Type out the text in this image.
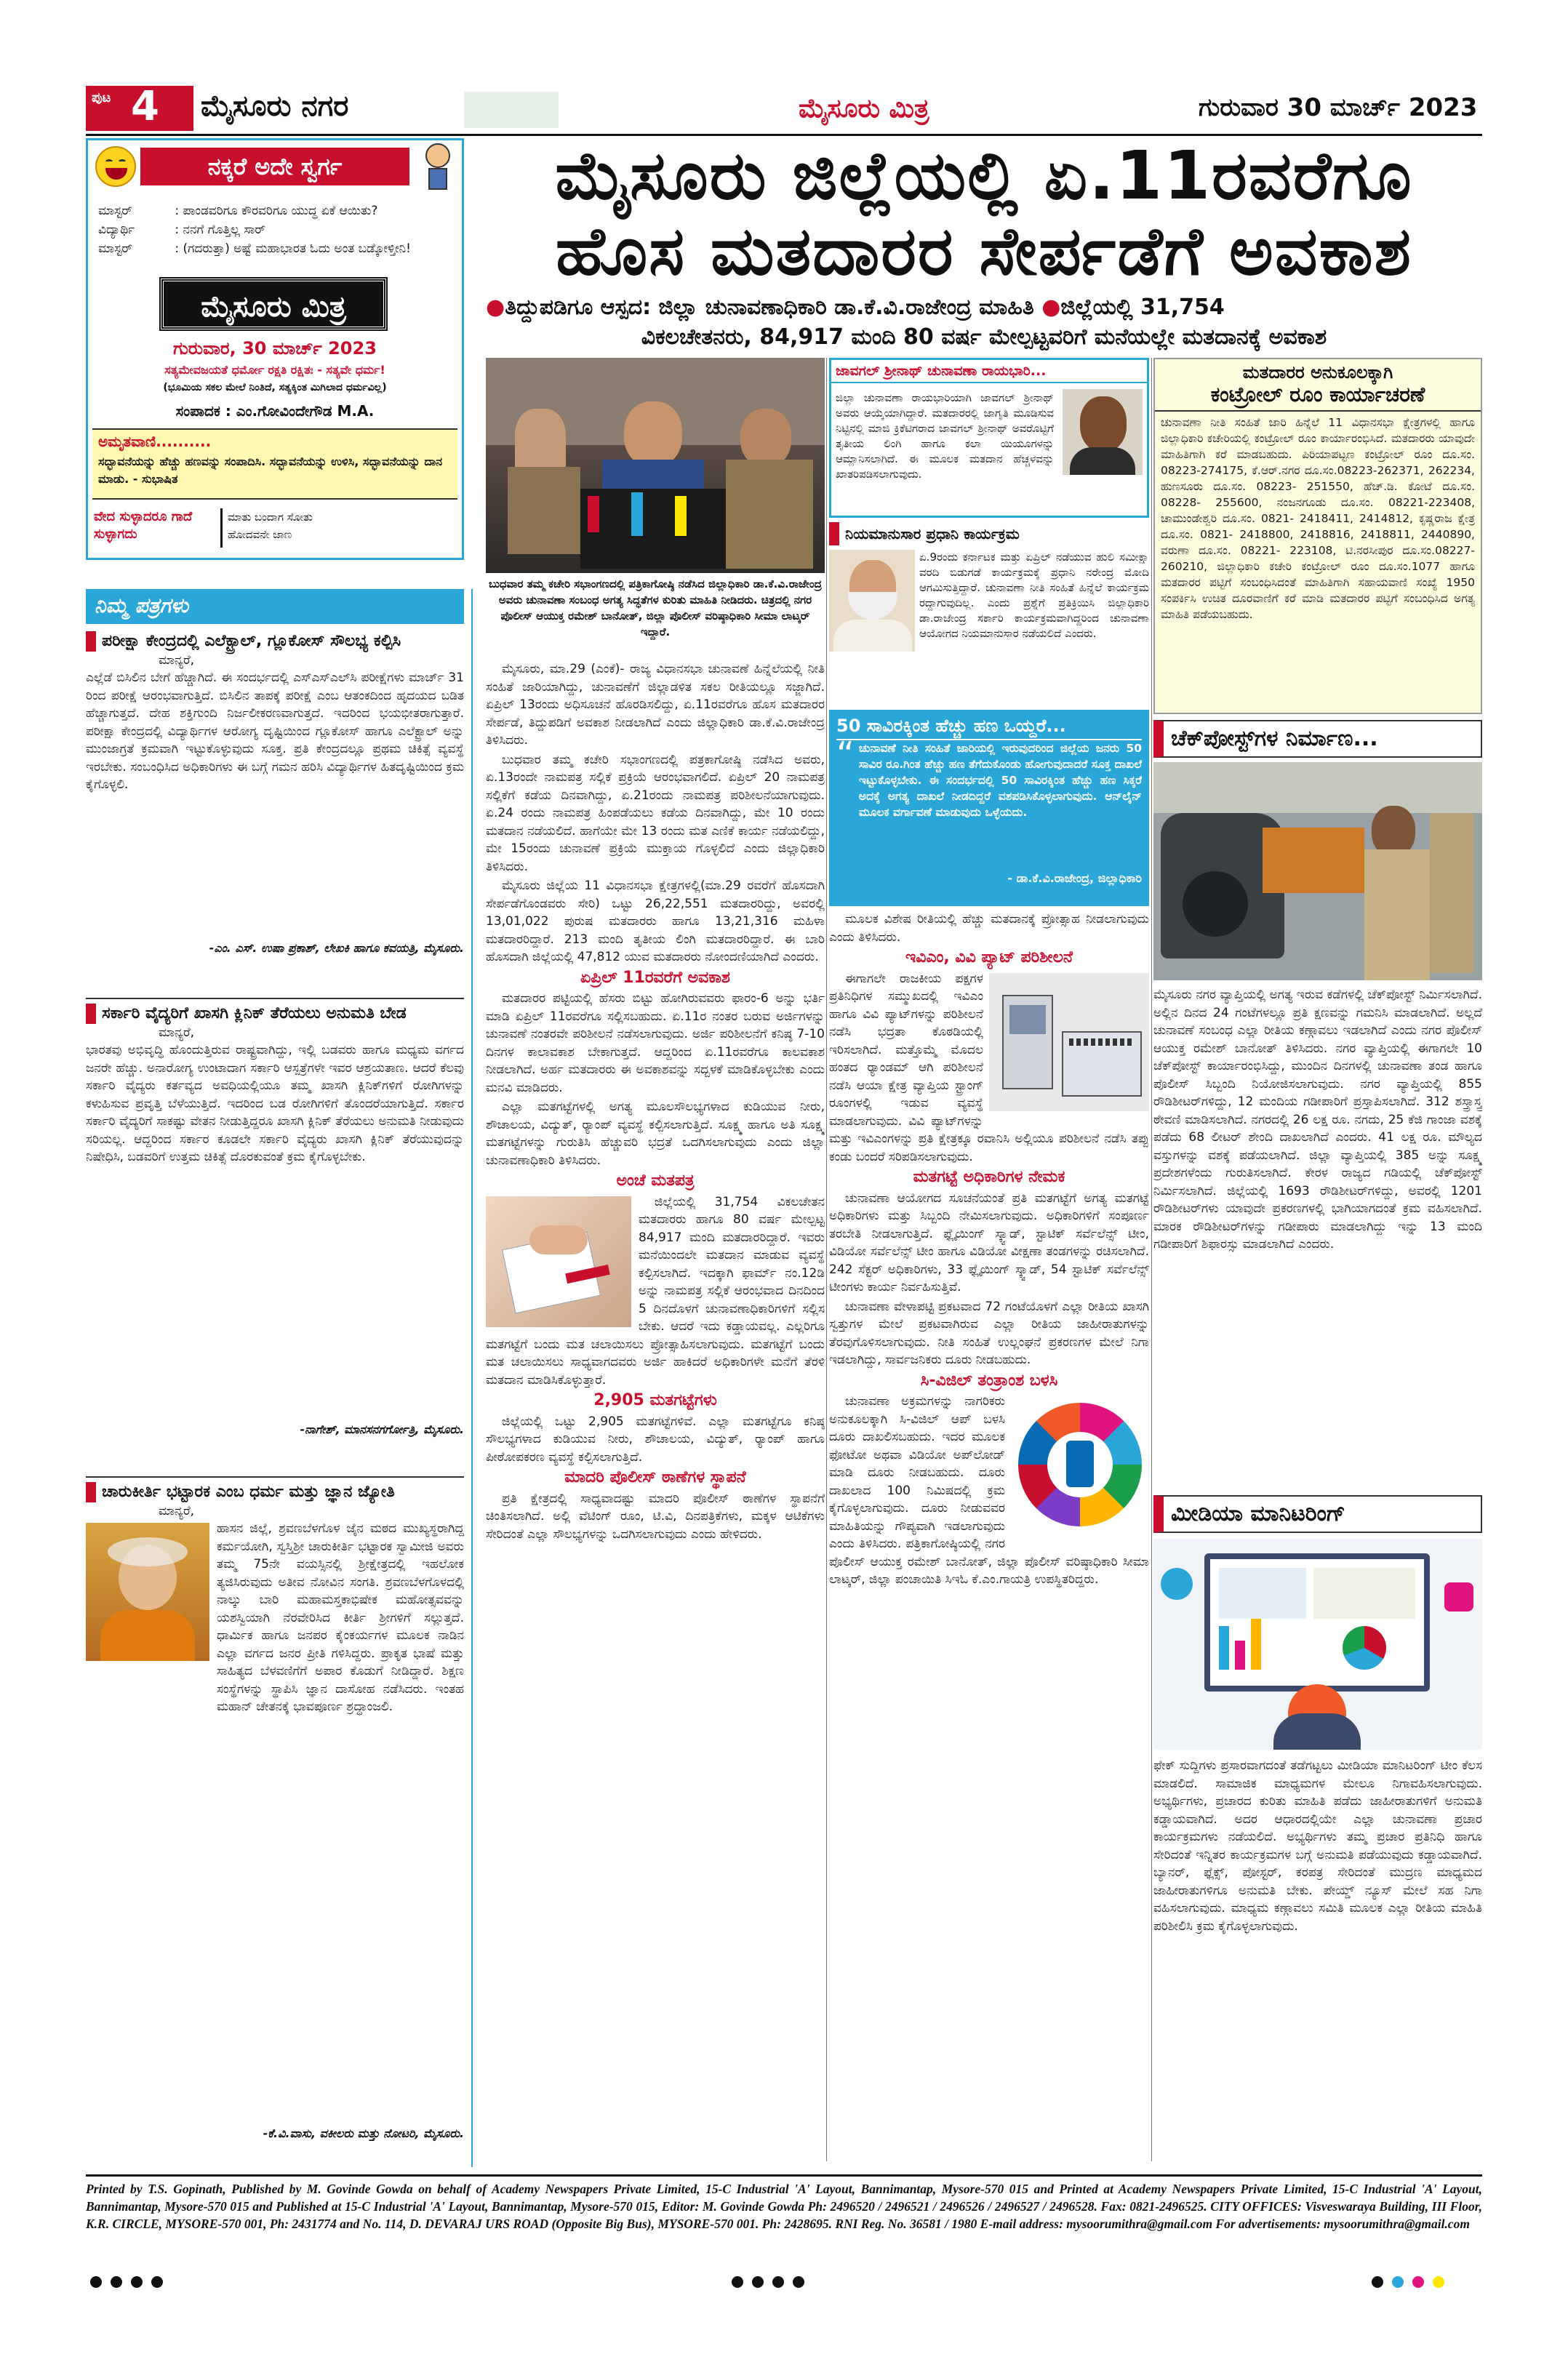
ಪುಟ 4 ಮೈಸೂರು ನಗರ	ಮೈಸೂರು ಮಿತ್ರ	ಗುರುವಾರ 30 ಮಾರ್ಚ್ 2023
ನಕ್ಕರೆ ಅದೇ ಸ್ವರ್ಗ
ಮಾಸ್ಟರ್	: ಪಾಂಡವರಿಗೂ ಕೌರವರಿಗೂ ಯುದ್ಧ ಏಕೆ ಆಯಿತು?
ವಿದ್ಯಾರ್ಥಿ	: ನನಗೆ ಗೊತ್ತಿಲ್ಲ ಸಾರ್
ಮಾಸ್ಟರ್	: (ಗದರುತ್ತಾ) ಅಷ್ಟೆ ಮಹಾಭಾರತ ಓದು ಅಂತ ಬಡ್ಕೋಳ್ತೀನಿ!
ಮೈಸೂರು ಮಿತ್ರ
ಗುರುವಾರ, 30 ಮಾರ್ಚ್ 2023
ಸತ್ಯಮೇವಜಯತೆ ಧರ್ಮೋ ರಕ್ಷತಿ ರಕ್ಷಿತಃ - ಸತ್ಯವೇ ಧರ್ಮ!
(ಭೂಮಿಯ ಸಕಲ ಮೇಲೆ ನಿಂತಿದೆ, ಸತ್ಯಕ್ಕಿಂತ ಮಿಗಿಲಾದ ಧರ್ಮವಿಲ್ಲ)
ಸಂಪಾದಕ : ಎಂ.ಗೋವಿಂದೇಗೌಡ M.A.
ಅಮೃತವಾಣಿ..........
ಸದ್ಭಾವನೆಯನ್ನು ಹೆಚ್ಚು ಹಣವನ್ನು ಸಂಪಾದಿಸಿ. ಸದ್ಭಾವನೆಯನ್ನು ಉಳಿಸಿ, ಸದ್ಭಾವನೆಯನ್ನು ದಾನ ಮಾಡು. - ಸುಭಾಷಿತ
ವೇದ ಸುಳ್ಳಾದರೂ ಗಾದೆ ಸುಳ್ಳಾಗದು
ಮಾತು ಬಂದಾಗ ಸೋತು ಹೋದವನೇ ಜಾಣ
ನಿಮ್ಮ ಪತ್ರಗಳು
ಪರೀಕ್ಷಾ ಕೇಂದ್ರದಲ್ಲಿ ಎಲೆಕ್ಟ್ರಾಲ್, ಗ್ಲೂಕೋಸ್ ಸೌಲಭ್ಯ ಕಲ್ಪಿಸಿ
ಮಾನ್ಯರೆ,
ಎಲ್ಲೆಡೆ ಬಿಸಿಲಿನ ಬೇಗೆ ಹೆಚ್ಚಾಗಿದೆ. ಈ ಸಂದರ್ಭದಲ್ಲಿ ಎಸ್ಎಸ್ಎಲ್‌ಸಿ ಪರೀಕ್ಷೆಗಳು ಮಾರ್ಚ್ 31 ರಿಂದ ಪರೀಕ್ಷೆ ಆರಂಭವಾಗುತ್ತಿದೆ. ಬಿಸಿಲಿನ ತಾಪಕ್ಕೆ ಪರೀಕ್ಷೆ ಎಂಬ ಆತಂಕದಿಂದ ಹೃದಯದ ಬಡಿತ ಹೆಚ್ಚಾಗುತ್ತದೆ. ದೇಹ ಶಕ್ತಿಗುಂದಿ ನಿರ್ಜಲೀಕರಣವಾಗುತ್ತದೆ. ಇದರಿಂದ ಭಯಭೀತರಾಗುತ್ತಾರೆ. ಪರೀಕ್ಷಾ ಕೇಂದ್ರದಲ್ಲಿ ವಿದ್ಯಾರ್ಥಿಗಳ ಆರೋಗ್ಯ ದೃಷ್ಟಿಯಿಂದ ಗ್ಲೂಕೋಸ್ ಹಾಗೂ ಎಲೆಕ್ಟ್ರಾಲ್ ಅನ್ನು ಮುಂಜಾಗ್ರತೆ ಕ್ರಮವಾಗಿ ಇಟ್ಟುಕೊಳ್ಳುವುದು ಸೂಕ್ತ. ಪ್ರತಿ ಕೇಂದ್ರದಲ್ಲೂ ಪ್ರಥಮ ಚಿಕಿತ್ಸೆ ವ್ಯವಸ್ಥೆ ಇರಬೇಕು. ಸಂಬಂಧಿಸಿದ ಅಧಿಕಾರಿಗಳು ಈ ಬಗ್ಗೆ ಗಮನ ಹರಿಸಿ ವಿದ್ಯಾರ್ಥಿಗಳ ಹಿತದೃಷ್ಟಿಯಿಂದ ಕ್ರಮ ಕೈಗೊಳ್ಳಲಿ.
-ಎಂ. ಎಸ್. ಉಷಾ ಪ್ರಕಾಶ್, ಲೇಖಕಿ ಹಾಗೂ ಕವಯತ್ರಿ, ಮೈಸೂರು.
ಸರ್ಕಾರಿ ವೈದ್ಯರಿಗೆ ಖಾಸಗಿ ಕ್ಲಿನಿಕ್ ತೆರೆಯಲು ಅನುಮತಿ ಬೇಡ
ಮಾನ್ಯರೆ,
ಭಾರತವು ಅಭಿವೃದ್ಧಿ ಹೊಂದುತ್ತಿರುವ ರಾಷ್ಟ್ರವಾಗಿದ್ದು, ಇಲ್ಲಿ ಬಡವರು ಹಾಗೂ ಮಧ್ಯಮ ವರ್ಗದ ಜನರೇ ಹೆಚ್ಚು. ಅನಾರೋಗ್ಯ ಉಂಟಾದಾಗ ಸರ್ಕಾರಿ ಆಸ್ಪತ್ರೆಗಳೇ ಇವರ ಆಶ್ರಯತಾಣ. ಆದರೆ ಕೆಲವು ಸರ್ಕಾರಿ ವೈದ್ಯರು ಕರ್ತವ್ಯದ ಅವಧಿಯಲ್ಲಿಯೂ ತಮ್ಮ ಖಾಸಗಿ ಕ್ಲಿನಿಕ್‌ಗಳಿಗೆ ರೋಗಿಗಳನ್ನು ಕಳುಹಿಸುವ ಪ್ರವೃತ್ತಿ ಬೆಳೆಯುತ್ತಿದೆ. ಇದರಿಂದ ಬಡ ರೋಗಿಗಳಿಗೆ ತೊಂದರೆಯಾಗುತ್ತಿದೆ. ಸರ್ಕಾರ ಸರ್ಕಾರಿ ವೈದ್ಯರಿಗೆ ಸಾಕಷ್ಟು ವೇತನ ನೀಡುತ್ತಿದ್ದರೂ ಖಾಸಗಿ ಕ್ಲಿನಿಕ್ ತೆರೆಯಲು ಅನುಮತಿ ನೀಡುವುದು ಸರಿಯಲ್ಲ. ಆದ್ದರಿಂದ ಸರ್ಕಾರ ಕೂಡಲೇ ಸರ್ಕಾರಿ ವೈದ್ಯರು ಖಾಸಗಿ ಕ್ಲಿನಿಕ್ ತೆರೆಯುವುದನ್ನು ನಿಷೇಧಿಸಿ, ಬಡವರಿಗೆ ಉತ್ತಮ ಚಿಕಿತ್ಸೆ ದೊರಕುವಂತೆ ಕ್ರಮ ಕೈಗೊಳ್ಳಬೇಕು.
-ನಾಗೇಶ್, ಮಾನಸನಗರ್ಗೋತ್ರಿ, ಮೈಸೂರು.
ಚಾರುಕೀರ್ತಿ ಭಟ್ಟಾರಕ ಎಂಬ ಧರ್ಮ ಮತ್ತು ಜ್ಞಾನ ಜ್ಯೋತಿ
ಮಾನ್ಯರೆ,
ಹಾಸನ ಜಿಲ್ಲೆ, ಶ್ರವಣಬೆಳಗೊಳ ಜೈನ ಮಠದ ಮುಖ್ಯಸ್ಥರಾಗಿದ್ದ ಕರ್ಮಯೋಗಿ, ಸ್ವಸ್ತಿಶ್ರೀ ಚಾರುಕೀರ್ತಿ ಭಟ್ಟಾರಕ ಸ್ವಾಮೀಜಿ ಅವರು ತಮ್ಮ 75ನೇ ವಯಸ್ಸಿನಲ್ಲಿ ಶ್ರೀಕ್ಷೇತ್ರದಲ್ಲಿ ಇಹಲೋಕ ತ್ಯಜಿಸಿರುವುದು ಅತೀವ ನೋವಿನ ಸಂಗತಿ. ಶ್ರವಣಬೆಳಗೊಳದಲ್ಲಿ ನಾಲ್ಕು ಬಾರಿ ಮಹಾಮಸ್ತಕಾಭಿಷೇಕ ಮಹೋತ್ಸವವನ್ನು ಯಶಸ್ವಿಯಾಗಿ ನೆರವೇರಿಸಿದ ಕೀರ್ತಿ ಶ್ರೀಗಳಿಗೆ ಸಲ್ಲುತ್ತದೆ. ಧಾರ್ಮಿಕ ಹಾಗೂ ಜನಪರ ಕೈಂಕರ್ಯಗಳ ಮೂಲಕ ನಾಡಿನ ಎಲ್ಲಾ ವರ್ಗದ ಜನರ ಪ್ರೀತಿ ಗಳಿಸಿದ್ದರು. ಪ್ರಾಕೃತ ಭಾಷೆ ಮತ್ತು ಸಾಹಿತ್ಯದ ಬೆಳವಣಿಗೆಗೆ ಅಪಾರ ಕೊಡುಗೆ ನೀಡಿದ್ದಾರೆ. ಶಿಕ್ಷಣ ಸಂಸ್ಥೆಗಳನ್ನು ಸ್ಥಾಪಿಸಿ ಜ್ಞಾನ ದಾಸೋಹ ನಡೆಸಿದರು. ಇಂತಹ ಮಹಾನ್ ಚೇತನಕ್ಕೆ ಭಾವಪೂರ್ಣ ಶ್ರದ್ಧಾಂಜಲಿ.
-ಕೆ.ವಿ.ವಾಸು, ವಕೀಲರು ಮತ್ತು ನೋಟರಿ, ಮೈಸೂರು.
ಮೈಸೂರು ಜಿಲ್ಲೆಯಲ್ಲಿ ಏ.11ರವರೆಗೂ
ಹೊಸ ಮತದಾರರ ಸೇರ್ಪಡೆಗೆ ಅವಕಾಶ
●ತಿದ್ದುಪಡಿಗೂ ಆಸ್ಪದ: ಜಿಲ್ಲಾ ಚುನಾವಣಾಧಿಕಾರಿ ಡಾ.ಕೆ.ವಿ.ರಾಜೇಂದ್ರ ಮಾಹಿತಿ ●ಜಿಲ್ಲೆಯಲ್ಲಿ 31,754
ವಿಕಲಚೇತನರು, 84,917 ಮಂದಿ 80 ವರ್ಷ ಮೇಲ್ಪಟ್ಟವರಿಗೆ ಮನೆಯಲ್ಲೇ ಮತದಾನಕ್ಕೆ ಅವಕಾಶ
ಬುಧವಾರ ತಮ್ಮ ಕಚೇರಿ ಸಭಾಂಗಣದಲ್ಲಿ ಪತ್ರಿಕಾಗೋಷ್ಠಿ ನಡೆಸಿದ ಜಿಲ್ಲಾಧಿಕಾರಿ ಡಾ.ಕೆ.ವಿ.ರಾಜೇಂದ್ರ ಅವರು ಚುನಾವಣಾ ಸಂಬಂಧ ಅಗತ್ಯ ಸಿದ್ಧತೆಗಳ ಕುರಿತು ಮಾಹಿತಿ ನೀಡಿದರು. ಚಿತ್ರದಲ್ಲಿ ನಗರ ಪೊಲೀಸ್ ಆಯುಕ್ತ ರಮೇಶ್ ಬಾನೋತ್, ಜಿಲ್ಲಾ ಪೊಲೀಸ್ ವರಿಷ್ಠಾಧಿಕಾರಿ ಸೀಮಾ ಲಾಟ್ಕರ್ ಇದ್ದಾರೆ.
ಜಾವಗಲ್ ಶ್ರೀನಾಥ್ ಚುನಾವಣಾ ರಾಯಭಾರಿ...
ಜಿಲ್ಲಾ ಚುನಾವಣಾ ರಾಯಭಾರಿಯಾಗಿ ಜಾವಗಲ್ ಶ್ರೀನಾಥ್ ಅವರು ಆಯ್ಕೆಯಾಗಿದ್ದಾರೆ. ಮತದಾರರಲ್ಲಿ ಜಾಗೃತಿ ಮೂಡಿಸುವ ನಿಟ್ಟಿನಲ್ಲಿ ಮಾಜಿ ಕ್ರಿಕೆಟಿಗರಾದ ಜಾವಗಲ್ ಶ್ರೀನಾಥ್ ಅವರೊಟ್ಟಿಗೆ ತೃತೀಯ ಲಿಂಗಿ ಹಾಗೂ ಕಲಾ ಯಿಯೂಗಳನ್ನು ಆಮ್ಲಾನಿಸಲಾಗಿದೆ. ಈ ಮೂಲಕ ಮತದಾನ ಹೆಚ್ಚಳವನ್ನು ಖಾತರಿಪಡಿಸಲಾಗುವುದು.
ನಿಯಮಾನುಸಾರ ಪ್ರಧಾನಿ ಕಾರ್ಯಕ್ರಮ
ಏ.9ರಂದು ಕರ್ನಾಟಕ ಮತ್ತು ಏಪ್ರಿಲ್ ನಡೆಯುವ ಹುಲಿ ಸಮೀಕ್ಷಾ ವರದಿ ಬಿಡುಗಡೆ ಕಾರ್ಯಕ್ರಮಕ್ಕೆ ಪ್ರಧಾನಿ ನರೇಂದ್ರ ಮೋದಿ ಆಗಮಿಸುತ್ತಿದ್ದಾರೆ. ಚುನಾವಣಾ ನೀತಿ ಸಂಹಿತೆ ಹಿನ್ನೆಲೆ ಕಾರ್ಯಕ್ರಮ ರದ್ದಾಗುವುದಿಲ್ಲ. ಎಂದು ಪ್ರಶ್ನೆಗೆ ಪ್ರತಿಕ್ರಿಯಿಸಿ ಜಿಲ್ಲಾಧಿಕಾರಿ ಡಾ.ರಾಜೇಂದ್ರ ಸರ್ಕಾರಿ ಕಾರ್ಯಕ್ರಮವಾಗಿದ್ದರಿಂದ ಚುನಾವಣಾ ಆಯೋಗದ ನಿಯಮಾನುಸಾರ ನಡೆಯಲಿದೆ ಎಂದರು.
ಮತದಾರರ ಅನುಕೂಲಕ್ಕಾಗಿ
ಕಂಟ್ರೋಲ್ ರೂಂ ಕಾರ್ಯಾಚರಣೆ
ಚುನಾವಣಾ ನೀತಿ ಸಂಹಿತೆ ಜಾರಿ ಹಿನ್ನೆಲೆ 11 ವಿಧಾನಸಭಾ ಕ್ಷೇತ್ರಗಳಲ್ಲಿ ಹಾಗೂ ಜಿಲ್ಲಾಧಿಕಾರಿ ಕಚೇರಿಯಲ್ಲಿ ಕಂಟ್ರೋಲ್ ರೂಂ ಕಾರ್ಯಾರಂಭಿಸಿದೆ. ಮತದಾರರು ಯಾವುದೇ ಮಾಹಿತಿಗಾಗಿ ಕರೆ ಮಾಡಬಹುದು. ಪಿರಿಯಾಪಟ್ಟಣ ಕಂಟ್ರೋಲ್ ರೂಂ ದೂ.ಸಂ. 08223-274175, ಕೆ.ಆರ್.ನಗರ ದೂ.ಸಂ.08223-262371, 262234, ಹುಣಸೂರು ದೂ.ಸಂ. 08223- 251550, ಹೆಚ್.ಡಿ. ಕೋಟೆ ದೂ.ಸಂ. 08228- 255600, ನಂಜನಗೂಡು ದೂ.ಸಂ. 08221-223408, ಚಾಮುಂಡೇಶ್ವರಿ ದೂ.ಸಂ. 0821- 2418411, 2414812, ಕೃಷ್ಣರಾಜ ಕ್ಷೇತ್ರ ದೂ.ಸಂ. 0821- 2418800, 2418816, 2418811, 2440890, ವರುಣಾ ದೂ.ಸಂ. 08221- 223108, ಟಿ.ನರಸೀಪುರ ದೂ.ಸಂ.08227- 260210, ಜಿಲ್ಲಾಧಿಕಾರಿ ಕಚೇರಿ ಕಂಟ್ರೋಲ್ ರೂಂ ದೂ.ಸಂ.1077 ಹಾಗೂ ಮತದಾರರ ಪಟ್ಟಿಗೆ ಸಂಬಂಧಿಸಿದಂತೆ ಮಾಹಿತಿಗಾಗಿ ಸಹಾಯವಾಣಿ ಸಂಖ್ಯೆ 1950 ಸಂಪರ್ಕಿಸಿ ಉಚಿತ ದೂರವಾಣಿಗೆ ಕರೆ ಮಾಡಿ ಮತದಾರರ ಪಟ್ಟಿಗೆ ಸಂಬಂಧಿಸಿದ ಅಗತ್ಯ ಮಾಹಿತಿ ಪಡೆಯಬಹುದು.

ಮೈಸೂರು, ಮಾ.29 (ಎಂಕೆ)- ರಾಜ್ಯ ವಿಧಾನಸಭಾ ಚುನಾವಣೆ ಹಿನ್ನೆಲೆಯಲ್ಲಿ ನೀತಿ ಸಂಹಿತೆ ಜಾರಿಯಾಗಿದ್ದು, ಚುನಾವಣೆಗೆ ಜಿಲ್ಲಾಡಳಿತ ಸಕಲ ರೀತಿಯಲ್ಲೂ ಸಜ್ಜಾಗಿದೆ. ಏಪ್ರಿಲ್ 13ರಂದು ಅಧಿಸೂಚನೆ ಹೊರಡಿಸಲಿದ್ದು, ಏ.11ರವರೆಗೂ ಹೊಸ ಮತದಾರರ ಸೇರ್ಪಡೆ, ತಿದ್ದುಪಡಿಗೆ ಅವಕಾಶ ನೀಡಲಾಗಿದೆ ಎಂದು ಜಿಲ್ಲಾಧಿಕಾರಿ ಡಾ.ಕೆ.ವಿ.ರಾಜೇಂದ್ರ ತಿಳಿಸಿದರು.

ಬುಧವಾರ ತಮ್ಮ ಕಚೇರಿ ಸಭಾಂಗಣದಲ್ಲಿ ಪತ್ರಕಾಗೋಷ್ಠಿ ನಡೆಸಿದ ಅವರು, ಏ.13ರಂದೇ ನಾಮಪತ್ರ ಸಲ್ಲಿಕೆ ಪ್ರಕ್ರಿಯೆ ಆರಂಭವಾಗಲಿದೆ. ಏಪ್ರಿಲ್ 20 ನಾಮಪತ್ರ ಸಲ್ಲಿಕೆಗೆ ಕಡೆಯ ದಿನವಾಗಿದ್ದು, ಏ.21ರಂದು ನಾಮಪತ್ರ ಪರಿಶೀಲನೆಯಾಗುವುದು. ಏ.24 ರಂದು ನಾಮಪತ್ರ ಹಿಂಪಡೆಯಲು ಕಡೆಯ ದಿನವಾಗಿದ್ದು, ಮೇ 10 ರಂದು ಮತದಾನ ನಡೆಯಲಿದೆ. ಹಾಗೆಯೇ ಮೇ 13 ರಂದು ಮತ ಎಣಿಕೆ ಕಾರ್ಯ ನಡೆಯಲಿದ್ದು, ಮೇ 15ರಂದು ಚುನಾವಣೆ ಪ್ರಕ್ರಿಯೆ ಮುಕ್ತಾಯ ಗೊಳ್ಳಲಿದೆ ಎಂದು ಜಿಲ್ಲಾಧಿಕಾರಿ ತಿಳಿಸಿದರು.

ಮೈಸೂರು ಜಿಲ್ಲೆಯ 11 ವಿಧಾನಸಭಾ ಕ್ಷೇತ್ರಗಳಲ್ಲಿ(ಮಾ.29 ರವರೆಗೆ ಹೊಸದಾಗಿ ಸೇರ್ಪಡೆಗೊಂಡವರು ಸೇರಿ) ಒಟ್ಟು 26,22,551 ಮತದಾರರಿದ್ದು, ಅವರಲ್ಲಿ 13,01,022 ಪುರುಷ ಮತದಾರರು ಹಾಗೂ 13,21,316 ಮಹಿಳಾ ಮತದಾರರಿದ್ದಾರೆ. 213 ಮಂದಿ ತೃತೀಯ ಲಿಂಗಿ ಮತದಾರರಿದ್ದಾರೆ. ಈ ಬಾರಿ ಹೊಸದಾಗಿ ಜಿಲ್ಲೆಯಲ್ಲಿ 47,812 ಯುವ ಮತದಾರರು ನೋಂದಣಿಯಾಗಿದೆ ಎಂದರು.

ಏಪ್ರಿಲ್ 11ರವರೆಗೆ ಅವಕಾಶ

ಮತದಾರರ ಪಟ್ಟಿಯಲ್ಲಿ ಹೆಸರು ಬಿಟ್ಟು ಹೋಗಿರುವವರು ಫಾರಂ-6 ಅನ್ನು ಭರ್ತಿ ಮಾಡಿ ಏಪ್ರಿಲ್ 11ರವರೆಗೂ ಸಲ್ಲಿಸಬಹುದು. ಏ.11ರ ನಂತರ ಬರುವ ಅರ್ಜಿಗಳನ್ನು ಚುನಾವಣೆ ನಂತರವೇ ಪರಿಶೀಲನೆ ನಡೆಸಲಾಗುವುದು. ಅರ್ಜಿ ಪರಿಶೀಲನೆಗೆ ಕನಿಷ್ಠ 7-10 ದಿನಗಳ ಕಾಲಾವಕಾಶ ಬೇಕಾಗುತ್ತದೆ. ಆದ್ದರಿಂದ ಏ.11ರವರೆಗೂ ಕಾಲವಕಾಶ ನೀಡಲಾಗಿದೆ. ಅರ್ಹ ಮತದಾರರು ಈ ಅವಕಾಶವನ್ನು ಸದ್ಬಳಕೆ ಮಾಡಿಕೊಳ್ಳಬೇಕು ಎಂದು ಮನವಿ ಮಾಡಿದರು.

ಎಲ್ಲಾ ಮತಗಟ್ಟೆಗಳಲ್ಲಿ ಅಗತ್ಯ ಮೂಲಸೌಲಭ್ಯಗಳಾದ ಕುಡಿಯುವ ನೀರು, ಶೌಚಾಲಯ, ವಿದ್ಯುತ್, ರ್‍ಯಾಂಪ್ ವ್ಯವಸ್ಥೆ ಕಲ್ಪಿಸಲಾಗುತ್ತಿದೆ. ಸೂಕ್ಷ್ಮ ಹಾಗೂ ಅತಿ ಸೂಕ್ಷ್ಮ ಮತಗಟ್ಟೆಗಳನ್ನು ಗುರುತಿಸಿ ಹೆಚ್ಚುವರಿ ಭದ್ರತೆ ಒದಗಿಸಲಾಗುವುದು ಎಂದು ಜಿಲ್ಲಾ ಚುನಾವಣಾಧಿಕಾರಿ ತಿಳಿಸಿದರು.

ಅಂಚೆ ಮತಪತ್ರ

ಜಿಲ್ಲೆಯಲ್ಲಿ 31,754 ವಿಕಲಚೇತನ ಮತದಾರರು ಹಾಗೂ 80 ವರ್ಷ ಮೇಲ್ಪಟ್ಟ 84,917 ಮಂದಿ ಮತದಾರರಿದ್ದಾರೆ. ಇವರು ಮನೆಯಿಂದಲೇ ಮತದಾನ ಮಾಡುವ ವ್ಯವಸ್ಥೆ ಕಲ್ಪಿಸಲಾಗಿದೆ. ಇದಕ್ಕಾಗಿ ಫಾರ್ಮ್ ನಂ.12ಡಿ ಅನ್ನು ನಾಮಪತ್ರ ಸಲ್ಲಿಕೆ ಆರಂಭವಾದ ದಿನದಿಂದ 5 ದಿನದೊಳಗೆ ಚುನಾವಣಾಧಿಕಾರಿಗಳಿಗೆ ಸಲ್ಲಿಸ ಬೇಕು. ಆದರೆ ಇದು ಕಡ್ಡಾಯವಲ್ಲ. ಎಲ್ಲರಿಗೂ ಮತಗಟ್ಟೆಗೆ ಬಂದು ಮತ ಚಲಾಯಿಸಲು ಪ್ರೋತ್ಸಾಹಿಸಲಾಗುವುದು. ಮತಗಟ್ಟೆಗೆ ಬಂದು ಮತ ಚಲಾಯಿಸಲು ಸಾಧ್ಯವಾಗದವರು ಅರ್ಜಿ ಹಾಕಿದರೆ ಅಧಿಕಾರಿಗಳೇ ಮನೆಗೆ ತೆರಳಿ ಮತದಾನ ಮಾಡಿಸಿಕೊಳ್ಳುತ್ತಾರೆ.

2,905 ಮತಗಟ್ಟೆಗಳು

ಜಿಲ್ಲೆಯಲ್ಲಿ ಒಟ್ಟು 2,905 ಮತಗಟ್ಟೆಗಳಿವೆ. ಎಲ್ಲಾ ಮತಗಟ್ಟೆಗೂ ಕನಿಷ್ಠ ಸೌಲಭ್ಯಗಳಾದ ಕುಡಿಯುವ ನೀರು, ಶೌಚಾಲಯ, ವಿದ್ಯುತ್, ರ್‍ಯಾಂಪ್ ಹಾಗೂ ಪೀಠೋಪಕರಣ ವ್ಯವಸ್ಥೆ ಕಲ್ಪಿಸಲಾಗುತ್ತಿದೆ.

ಮಾದರಿ ಪೊಲೀಸ್ ಠಾಣೆಗಳ ಸ್ಥಾಪನೆ

ಪ್ರತಿ ಕ್ಷೇತ್ರದಲ್ಲಿ ಸಾಧ್ಯವಾದಷ್ಟು ಮಾದರಿ ಪೊಲೀಸ್ ಠಾಣೆಗಳ ಸ್ಥಾಪನೆಗೆ ಚಿಂತಿಸಲಾಗಿದೆ. ಅಲ್ಲಿ ವೆಟಿಂಗ್ ರೂಂ, ಟಿ.ವಿ, ದಿನಪತ್ರಿಕೆಗಳು, ಮಕ್ಕಳ ಆಟಿಕೆಗಳು ಸೇರಿದಂತೆ ಎಲ್ಲಾ ಸೌಲಭ್ಯಗಳನ್ನು ಒದಗಿಸಲಾಗುವುದು ಎಂದು ಹೇಳಿದರು.

50 ಸಾವಿರಕ್ಕಿಂತ ಹೆಚ್ಚು ಹಣ ಒಯ್ದರೆ...
“ ಚುನಾವಣೆ ನೀತಿ ಸಂಹಿತೆ ಜಾರಿಯಲ್ಲಿ ಇರುವುದರಿಂದ ಜಿಲ್ಲೆಯ ಜನರು 50 ಸಾವಿರ ರೂ.ಗಿಂತ ಹೆಚ್ಚು ಹಣ ತೆಗೆದುಕೊಂಡು ಹೋಗುವುದಾದರೆ ಸೂಕ್ತ ದಾಖಲೆ ಇಟ್ಟುಕೊಳ್ಳಬೇಕು. ಈ ಸಂದರ್ಭದಲ್ಲಿ 50 ಸಾವಿರಕ್ಕಿಂತ ಹೆಚ್ಚು ಹಣ ಸಿಕ್ಕರೆ ಅದಕ್ಕೆ ಅಗತ್ಯ ದಾಖಲೆ ನೀಡದಿದ್ದರೆ ವಶಪಡಿಸಿಕೊಳ್ಳಲಾಗುವುದು. ಆನ್‌ಲೈನ್ ಮೂಲಕ ವರ್ಗಾವಣೆ ಮಾಡುವುದು ಒಳ್ಳೆಯದು.
- ಡಾ.ಕೆ.ವಿ.ರಾಜೇಂದ್ರ, ಜಿಲ್ಲಾಧಿಕಾರಿ

ಮೂಲಕ ವಿಶೇಷ ರೀತಿಯಲ್ಲಿ ಹೆಚ್ಚು ಮತದಾನಕ್ಕೆ ಪ್ರೋತ್ಸಾಹ ನೀಡಲಾಗುವುದು ಎಂದು ತಿಳಿಸಿದರು.

ಇವಿಎಂ, ವಿವಿ ಪ್ಯಾಟ್ ಪರಿಶೀಲನೆ

ಈಗಾಗಲೇ ರಾಜಕೀಯ ಪಕ್ಷಗಳ ಪ್ರತಿನಿಧಿಗಳ ಸಮ್ಮುಖದಲ್ಲಿ ಇವಿಎಂ ಹಾಗೂ ವಿವಿ ಪ್ಯಾಟ್‌ಗಳನ್ನು ಪರಿಶೀಲನೆ ನಡೆಸಿ ಭದ್ರತಾ ಕೊಠಡಿಯಲ್ಲಿ ಇರಿಸಲಾಗಿದೆ. ಮತ್ತೊಮ್ಮೆ ಮೊದಲ ಹಂತದ ರ್‍ಯಾಂಡಮ್ ಆಗಿ ಪರಿಶೀಲನೆ ನಡೆಸಿ ಆಯಾ ಕ್ಷೇತ್ರ ವ್ಯಾಪ್ತಿಯ ಸ್ಟ್ರಾಂಗ್ ರೂಂಗಳಲ್ಲಿ ಇಡುವ ವ್ಯವಸ್ಥೆ ಮಾಡಲಾಗುವುದು. ವಿವಿ ಪ್ಯಾಟ್‌ಗಳನ್ನು ಮತ್ತು ಇವಿಎಂಗಳನ್ನು ಪ್ರತಿ ಕ್ಷೇತ್ರಕ್ಕೂ ರವಾನಿಸಿ ಅಲ್ಲಿಯೂ ಪರಿಶೀಲನೆ ನಡೆಸಿ ತಪ್ಪು ಕಂಡು ಬಂದರೆ ಸರಿಪಡಿಸಲಾಗುವುದು.

ಮತಗಟ್ಟೆ ಅಧಿಕಾರಿಗಳ ನೇಮಕ

ಚುನಾವಣಾ ಆಯೋಗದ ಸೂಚನೆಯಂತೆ ಪ್ರತಿ ಮತಗಟ್ಟೆಗೆ ಅಗತ್ಯ ಮತಗಟ್ಟೆ ಅಧಿಕಾರಿಗಳು ಮತ್ತು ಸಿಬ್ಬಂದಿ ನೇಮಿಸಲಾಗುವುದು. ಅಧಿಕಾರಿಗಳಿಗೆ ಸಂಪೂರ್ಣ ತರಬೇತಿ ನೀಡಲಾಗುತ್ತಿದೆ. ಫ್ಲೈಯಿಂಗ್ ಸ್ಕ್ವಾಡ್, ಸ್ಟಾಟಿಕ್ ಸರ್ವೆಲೆನ್ಸ್ ಟೀಂ, ವಿಡಿಯೋ ಸರ್ವೆಲೆನ್ಸ್ ಟೀಂ ಹಾಗೂ ವಿಡಿಯೋ ವೀಕ್ಷಣಾ ತಂಡಗಳನ್ನು ರಚಿಸಲಾಗಿದೆ. 242 ಸೆಕ್ಟರ್ ಅಧಿಕಾರಿಗಳು, 33 ಫ್ಲೈಯಿಂಗ್ ಸ್ಕ್ವಾಡ್, 54 ಸ್ಟಾಟಿಕ್ ಸರ್ವೆಲೆನ್ಸ್ ಟೀಂಗಳು ಕಾರ್ಯ ನಿರ್ವಹಿಸುತ್ತಿವೆ.

ಚುನಾವಣಾ ವೇಳಾಪಟ್ಟಿ ಪ್ರಕಟವಾದ 72 ಗಂಟೆಯೊಳಗೆ ಎಲ್ಲಾ ರೀತಿಯ ಖಾಸಗಿ ಸ್ವತ್ತುಗಳ ಮೇಲೆ ಪ್ರಕಟವಾಗಿರುವ ಎಲ್ಲಾ ರೀತಿಯ ಜಾಹೀರಾತುಗಳನ್ನು ತೆರವುಗೊಳಿಸಲಾಗುವುದು. ನೀತಿ ಸಂಹಿತೆ ಉಲ್ಲಂಘನೆ ಪ್ರಕರಣಗಳ ಮೇಲೆ ನಿಗಾ ಇಡಲಾಗಿದ್ದು, ಸಾರ್ವಜನಿಕರು ದೂರು ನೀಡಬಹುದು.

ಸಿ-ವಿಜಿಲ್ ತಂತ್ರಾಂಶ ಬಳಸಿ

ಚುನಾವಣಾ ಅಕ್ರಮಗಳನ್ನು ನಾಗರಿಕರು ಅನುಕೂಲಕ್ಕಾಗಿ ಸಿ-ವಿಜಿಲ್ ಆಪ್ ಬಳಸಿ ದೂರು ದಾಖಲಿಸಬಹುದು. ಇದರ ಮೂಲಕ ಫೋಟೋ ಅಥವಾ ವಿಡಿಯೋ ಅಪ್‌ಲೋಡ್ ಮಾಡಿ ದೂರು ನೀಡಬಹುದು. ದೂರು ದಾಖಲಾದ 100 ನಿಮಿಷದಲ್ಲಿ ಕ್ರಮ ಕೈಗೊಳ್ಳಲಾಗುವುದು. ದೂರು ನೀಡುವವರ ಮಾಹಿತಿಯನ್ನು ಗೌಪ್ಯವಾಗಿ ಇಡಲಾಗುವುದು ಎಂದು ತಿಳಿಸಿದರು. ಪತ್ರಿಕಾಗೋಷ್ಠಿಯಲ್ಲಿ ನಗರ ಪೊಲೀಸ್ ಆಯುಕ್ತ ರಮೇಶ್ ಬಾನೋತ್, ಜಿಲ್ಲಾ ಪೊಲೀಸ್ ವರಿಷ್ಠಾಧಿಕಾರಿ ಸೀಮಾ ಲಾಟ್ಕರ್, ಜಿಲ್ಲಾ ಪಂಚಾಯಿತಿ ಸಿಇಓ ಕೆ.ಎಂ.ಗಾಯತ್ರಿ ಉಪಸ್ಥಿತರಿದ್ದರು.

ಚೆಕ್‌ಪೋಸ್ಟ್‌ಗಳ ನಿರ್ಮಾಣ...
ಮೈಸೂರು ನಗರ ವ್ಯಾಪ್ತಿಯಲ್ಲಿ ಅಗತ್ಯ ಇರುವ ಕಡೆಗಳಲ್ಲಿ ಚೆಕ್‌ಪೋಸ್ಟ್ ನಿರ್ಮಿಸಲಾಗಿದೆ. ಅಲ್ಲಿನ ದಿನದ 24 ಗಂಟೆಗಳಲ್ಲೂ ಪ್ರತಿ ಕ್ಷಣವನ್ನು ಗಮನಿಸಿ ಮಾಡಲಾಗಿದೆ. ಅಲ್ಲದೆ ಚುನಾವಣೆ ಸಂಬಂಧ ಎಲ್ಲಾ ರೀತಿಯ ಕಣ್ಗಾವಲು ಇಡಲಾಗಿದೆ ಎಂದು ನಗರ ಪೊಲೀಸ್ ಆಯುಕ್ತ ರಮೇಶ್ ಬಾನೋತ್ ತಿಳಿಸಿದರು. ನಗರ ವ್ಯಾಪ್ತಿಯಲ್ಲಿ ಈಗಾಗಲೇ 10 ಚೆಕ್‌ಪೋಸ್ಟ್ ಕಾರ್ಯಾರಂಭಿಸಿದ್ದು, ಮುಂದಿನ ದಿನಗಳಲ್ಲಿ ಚುನಾವಣಾ ತಂಡ ಹಾಗೂ ಪೊಲೀಸ್ ಸಿಬ್ಬಂದಿ ನಿಯೋಜಿಸಲಾಗುವುದು. ನಗರ ವ್ಯಾಪ್ತಿಯಲ್ಲಿ 855 ರೌಡಿಶೀಟರ್‌ಗಳಿದ್ದು, 12 ಮಂದಿಯ ಗಡೀಪಾರಿಗೆ ಪ್ರಸ್ತಾಪಿಸಲಾಗಿದೆ. 312 ಶಸ್ತ್ರಾಸ್ತ್ರ ಠೇವಣಿ ಮಾಡಿಸಲಾಗಿದೆ. ನಗರದಲ್ಲಿ 26 ಲಕ್ಷ ರೂ. ನಗದು, 25 ಕೆಜಿ ಗಾಂಜಾ ವಶಕ್ಕೆ ಪಡೆದು 68 ಲೀಟರ್ ಶೇಂದಿ ದಾಖಲಾಗಿದೆ ಎಂದರು. 41 ಲಕ್ಷ ರೂ. ಮೌಲ್ಯದ ವಸ್ತುಗಳನ್ನು ವಶಕ್ಕೆ ಪಡೆಯಲಾಗಿದೆ. ಜಿಲ್ಲಾ ವ್ಯಾಪ್ತಿಯಲ್ಲಿ 385 ಅನ್ನು ಸೂಕ್ಷ್ಮ ಪ್ರದೇಶಗಳೆಂದು ಗುರುತಿಸಲಾಗಿದೆ. ಕೇರಳ ರಾಜ್ಯದ ಗಡಿಯಲ್ಲಿ ಚೆಕ್‌ಪೋಸ್ಟ್ ನಿರ್ಮಿಸಲಾಗಿದೆ. ಜಿಲ್ಲೆಯಲ್ಲಿ 1693 ರೌಡಿಶೀಟರ್‌ಗಳಿದ್ದು, ಅವರಲ್ಲಿ 1201 ರೌಡಿಶೀಟರ್‌ಗಳು ಯಾವುದೇ ಪ್ರಕರಣಗಳಲ್ಲಿ ಭಾಗಿಯಾಗದಂತೆ ಕ್ರಮ ವಹಿಸಲಾಗಿದೆ. ಮಾರಕ ರೌಡಿಶೀಟರ್‌ಗಳನ್ನು ಗಡೀಪಾರು ಮಾಡಲಾಗಿದ್ದು ಇನ್ನು 13 ಮಂದಿ ಗಡೀಪಾರಿಗೆ ಶಿಫಾರಸ್ಸು ಮಾಡಲಾಗಿದೆ ಎಂದರು.
ಮೀಡಿಯಾ ಮಾನಿಟರಿಂಗ್
ಫೇಕ್ ಸುದ್ದಿಗಳು ಪ್ರಸಾರವಾಗದಂತೆ ತಡೆಗಟ್ಟಲು ಮೀಡಿಯಾ ಮಾನಿಟರಿಂಗ್ ಟೀಂ ಕೆಲಸ ಮಾಡಲಿದೆ. ಸಾಮಾಜಿಕ ಮಾಧ್ಯಮಗಳ ಮೇಲೂ ನಿಗಾವಹಿಸಲಾಗುವುದು. ಅಭ್ಯರ್ಥಿಗಳು, ಪ್ರಚಾರದ ಕುರಿತು ಮಾಹಿತಿ ಪಡೆದು ಜಾಹೀರಾತುಗಳಿಗೆ ಅನುಮತಿ ಕಡ್ಡಾಯವಾಗಿದೆ. ಅದರ ಆಧಾರದಲ್ಲಿಯೇ ಎಲ್ಲಾ ಚುನಾವಣಾ ಪ್ರಚಾರ ಕಾರ್ಯಕ್ರಮಗಳು ನಡೆಯಲಿದೆ. ಅಭ್ಯರ್ಥಿಗಳು ತಮ್ಮ ಪ್ರಚಾರ ಪ್ರತಿನಿಧಿ ಹಾಗೂ ಸೇರಿದಂತೆ ಇನ್ನಿತರ ಕಾರ್ಯಕ್ರಮಗಳ ಬಗ್ಗೆ ಅನುಮತಿ ಪಡೆಯುವುದು ಕಡ್ಡಾಯವಾಗಿದೆ. ಬ್ಯಾನರ್, ಫ್ಲೆಕ್ಸ್, ಪೋಸ್ಟರ್, ಕರಪತ್ರ ಸೇರಿದಂತೆ ಮುದ್ರಣ ಮಾಧ್ಯಮದ ಜಾಹೀರಾತುಗಳಿಗೂ ಅನುಮತಿ ಬೇಕು. ಪೇಯ್ಡ್ ನ್ಯೂಸ್ ಮೇಲೆ ಸಹ ನಿಗಾ ವಹಿಸಲಾಗುವುದು. ಮಾಧ್ಯಮ ಕಣ್ಗಾವಲು ಸಮಿತಿ ಮೂಲಕ ಎಲ್ಲಾ ರೀತಿಯ ಮಾಹಿತಿ ಪರಿಶೀಲಿಸಿ ಕ್ರಮ ಕೈಗೊಳ್ಳಲಾಗುವುದು.
Printed by T.S. Gopinath, Published by M. Govinde Gowda on behalf of Academy Newspapers Private Limited, 15-C Industrial 'A' Layout, Bannimantap, Mysore-570 015 and Printed at Academy Newspapers Private Limited, 15-C Industrial 'A' Layout, Bannimantap, Mysore-570 015 and Published at 15-C Industrial 'A' Layout, Bannimantap, Mysore-570 015, Editor: M. Govinde Gowda Ph: 2496520 / 2496521 / 2496526 / 2496527 / 2496528. Fax: 0821-2496525. CITY OFFICES: Visveswaraya Building, III Floor, K.R. CIRCLE, MYSORE-570 001, Ph: 2431774 and No. 114, D. DEVARAJ URS ROAD (Opposite Big Bus), MYSORE-570 001. Ph: 2428695. RNI Reg. No. 36581 / 1980 E-mail address: mysoorumithra@gmail.com For advertisements: mysoorumithra@gmail.com
